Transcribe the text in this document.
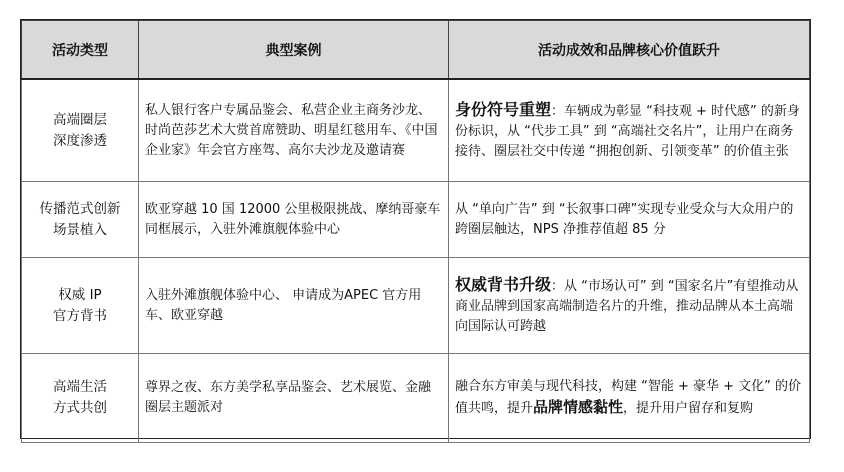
活动类型	典型案例	活动成效和品牌核心价值跃升
高端圈层
深度渗透	私人银行客户专属品鉴会、私营企业主商务沙龙、时尚芭莎艺术大赏首席赞助、明星红毯用车、《中国企业家》年会官方座驾、高尔夫沙龙及邀请赛	身份符号重塑：车辆成为彰显 “科技观 + 时代感” 的新身份标识，从 “代步工具” 到 “高端社交名片”，让用户在商务接待、圈层社交中传递 “拥抱创新、引领变革” 的价值主张
传播范式创新
场景植入	欧亚穿越 10 国 12000 公里极限挑战、摩纳哥豪车同框展示，入驻外滩旗舰体验中心	从 “单向广告” 到 “长叙事口碑”实现专业受众与大众用户的跨圈层触达，NPS 净推荐值超 85 分
权威 IP
官方背书	入驻外滩旗舰体验中心、 申请成为APEC 官方用车、欧亚穿越	权威背书升级：从 “市场认可” 到 “国家名片”有望推动从商业品牌到国家高端制造名片的升维，推动品牌从本土高端向国际认可跨越
高端生活
方式共创	尊界之夜、东方美学私享品鉴会、艺术展览、金融圈层主题派对	融合东方审美与现代科技，构建 “智能 + 豪华 + 文化” 的价值共鸣，提升品牌情感黏性，提升用户留存和复购
